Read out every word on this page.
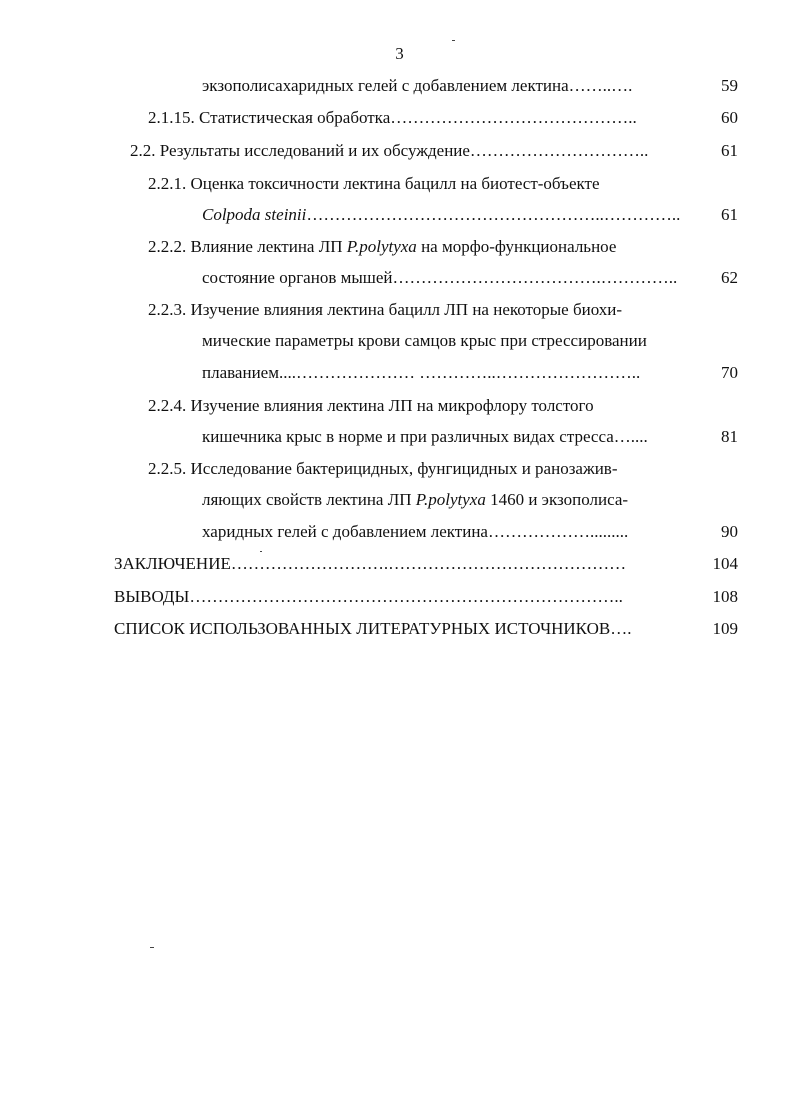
3
экзополисахаридных гелей с добавлением лектина……..….	59
2.1.15. Статистическая обработка……………………………………..	60
2.2. Результаты исследований и их обсуждение…………………………..	61
2.2.1. Оценка токсичности лектина бацилл на биотест-объекте
Colpoda steinii……………………………………………..…………..	61
2.2.2. Влияние лектина ЛП P.polytyxa на морфо-функциональное
состояние органов мышей……………………………….…………..	62
2.2.3. Изучение влияния лектина бацилл ЛП на некоторые биохи-
мические параметры крови самцов крыс при стрессировании
плаванием....………………… …………..……………………..	70
2.2.4. Изучение влияния лектина ЛП на микрофлору толстого
кишечника крыс в норме и при различных видах стресса…....	81
2.2.5. Исследование бактерицидных, фунгицидных и ранозажив-
ляющих свойств лектина ЛП P.polytyxa 1460 и экзополиса-
харидных гелей с добавлением лектина……………….........	90
ЗАКЛЮЧЕНИЕ……………………….……………………………………	104
ВЫВОДЫ…………………………………………………………………..	108
СПИСОК ИСПОЛЬЗОВАННЫХ ЛИТЕРАТУРНЫХ ИСТОЧНИКОВ….	109
